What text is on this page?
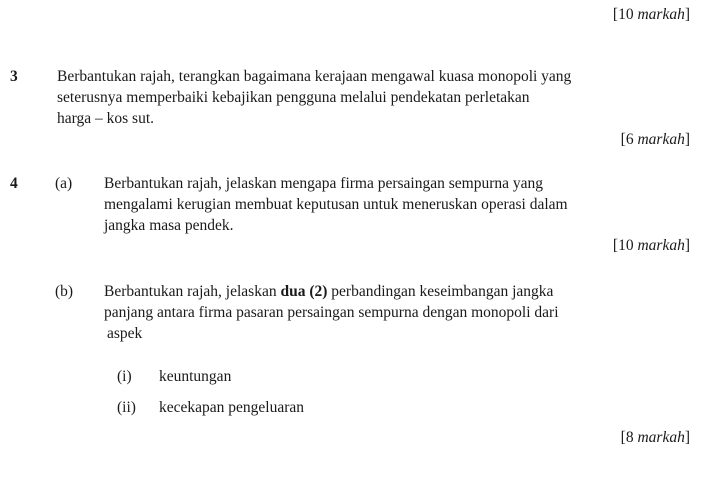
[10 markah]
3	Berbantukan rajah, terangkan bagaimana kerajaan mengawal kuasa monopoli yang
seterusnya memperbaiki kebajikan pengguna melalui pendekatan perletakan
harga – kos sut.
[6 markah]
4 (a) Berbantukan rajah, jelaskan mengapa firma persaingan sempurna yang
mengalami kerugian membuat keputusan untuk meneruskan operasi dalam
jangka masa pendek.
[10 markah]
(b) Berbantukan rajah, jelaskan dua (2) perbandingan keseimbangan jangka
panjang antara firma pasaran persaingan sempurna dengan monopoli dari
aspek
(i) keuntungan
(ii) kecekapan pengeluaran
[8 markah]
